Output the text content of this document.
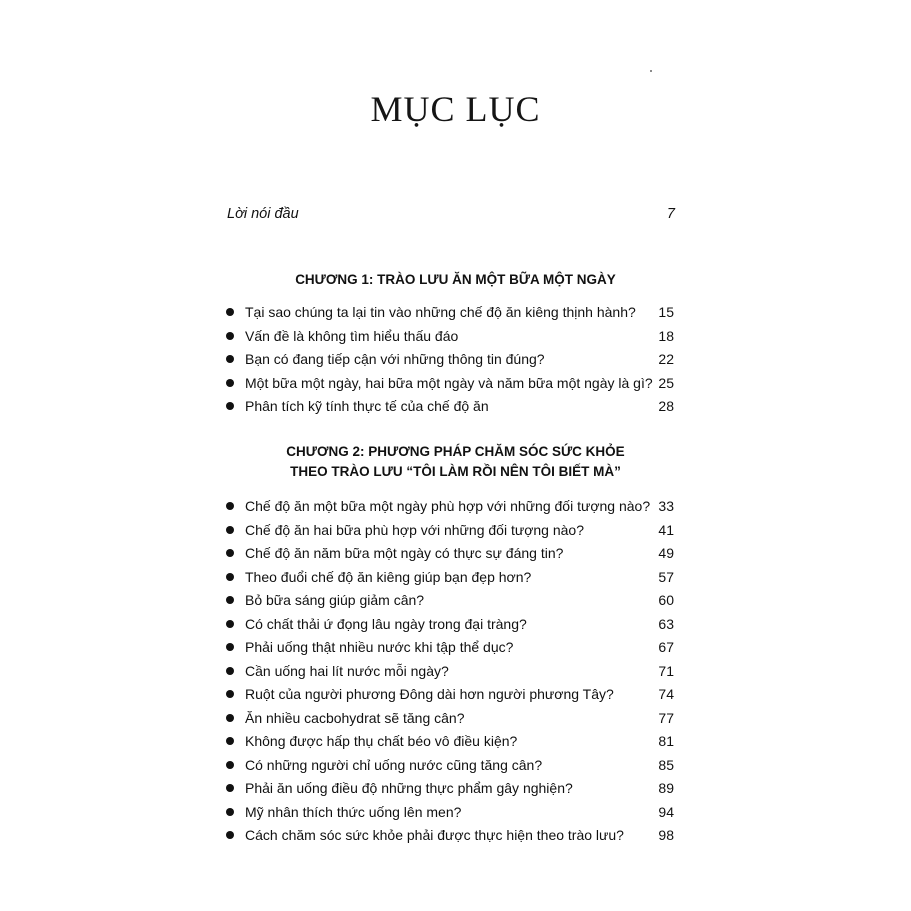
MỤC LỤC
Lời nói đầu	7
CHƯƠNG 1: TRÀO LƯU ĂN MỘT BỮA MỘT NGÀY
Tại sao chúng ta lại tin vào những chế độ ăn kiêng thịnh hành? 15
Vấn đề là không tìm hiểu thấu đáo	18
Bạn có đang tiếp cận với những thông tin đúng?	22
Một bữa một ngày, hai bữa một ngày và năm bữa một ngày là gì? 25
Phân tích kỹ tính thực tế của chế độ ăn	28
CHƯƠNG 2: PHƯƠNG PHÁP CHĂM SÓC SỨC KHỎE
THEO TRÀO LƯU “TÔI LÀM RỒI NÊN TÔI BIẾT MÀ”
Chế độ ăn một bữa một ngày phù hợp với những đối tượng nào? 33
Chế độ ăn hai bữa phù hợp với những đối tượng nào?	41
Chế độ ăn năm bữa một ngày có thực sự đáng tin?	49
Theo đuổi chế độ ăn kiêng giúp bạn đẹp hơn?	57
Bỏ bữa sáng giúp giảm cân?	60
Có chất thải ứ đọng lâu ngày trong đại tràng?	63
Phải uống thật nhiều nước khi tập thể dục?	67
Cần uống hai lít nước mỗi ngày?	71
Ruột của người phương Đông dài hơn người phương Tây?	74
Ăn nhiều cacbohydrat sẽ tăng cân?	77
Không được hấp thụ chất béo vô điều kiện?	81
Có những người chỉ uống nước cũng tăng cân?	85
Phải ăn uống điều độ những thực phẩm gây nghiện?	89
Mỹ nhân thích thức uống lên men?	94
Cách chăm sóc sức khỏe phải được thực hiện theo trào lưu? 98
